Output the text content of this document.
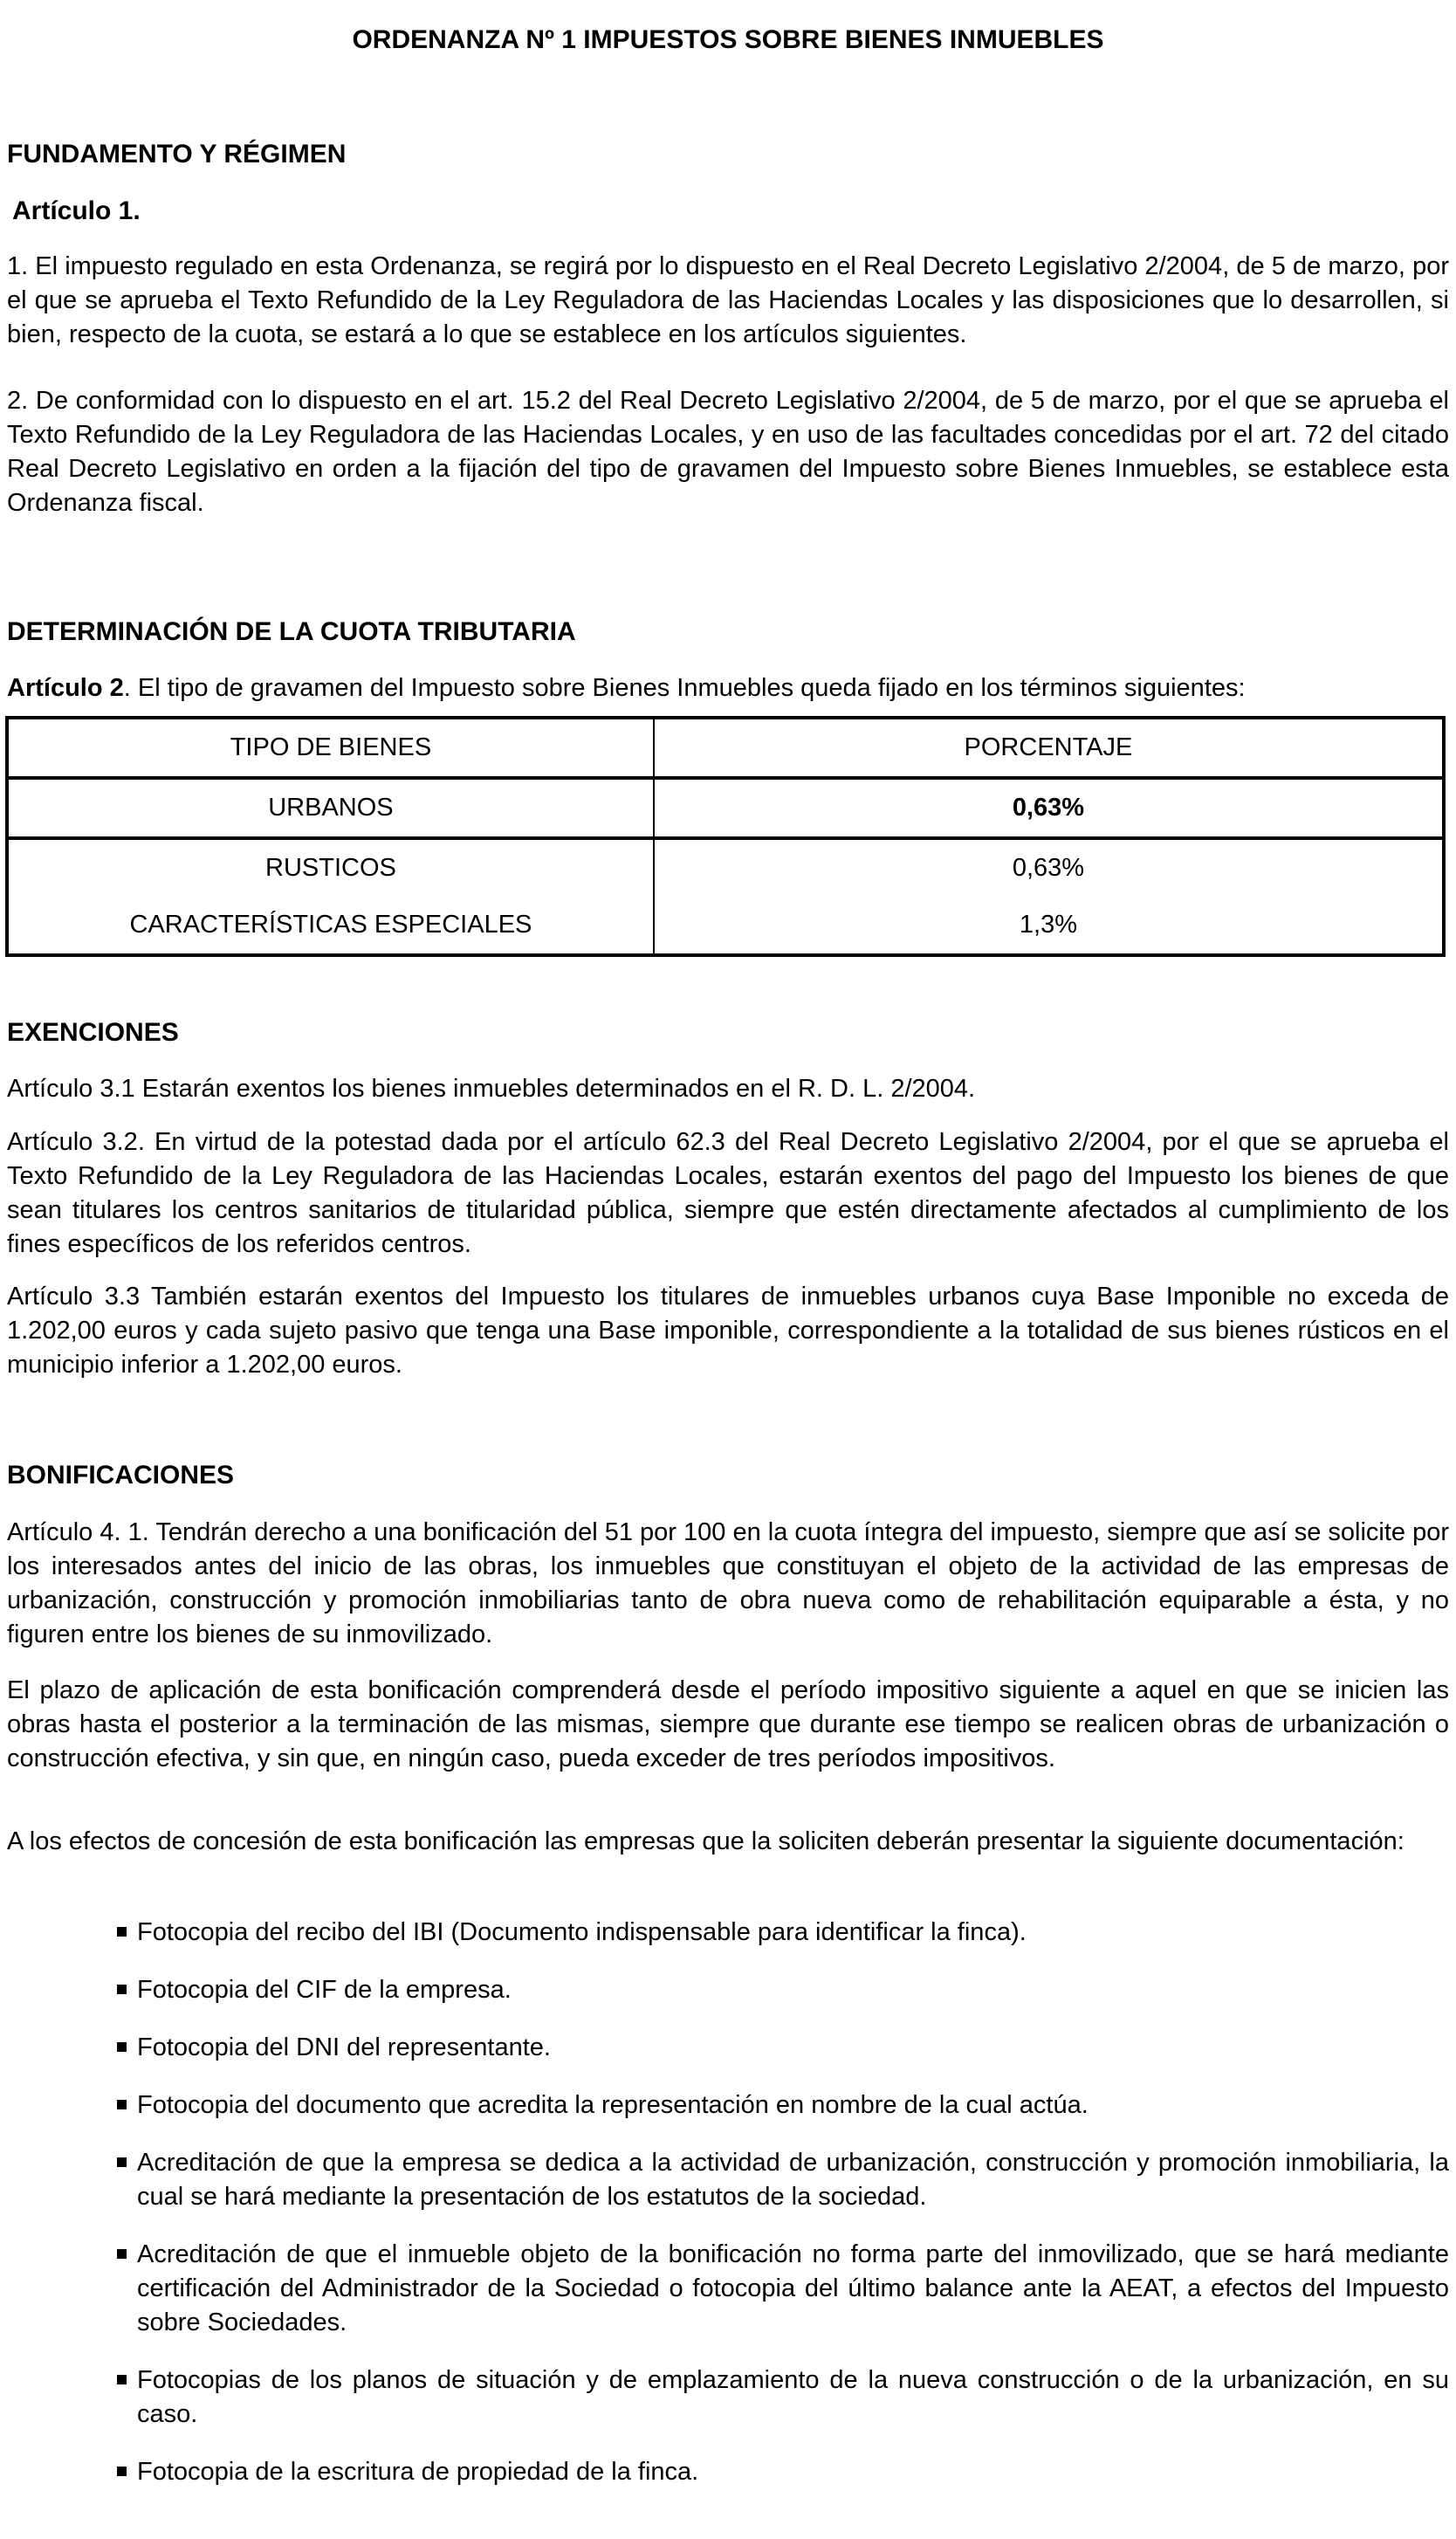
ORDENANZA Nº 1 IMPUESTOS SOBRE BIENES INMUEBLES
FUNDAMENTO Y RÉGIMEN
Artículo 1.

1. El impuesto regulado en esta Ordenanza, se regirá por lo dispuesto en el Real Decreto Legislativo 2/2004, de 5 de marzo, por el que se aprueba el Texto Refundido de la Ley Reguladora de las Haciendas Locales y las disposiciones que lo desarrollen, si bien, respecto de la cuota, se estará a lo que se establece en los artículos siguientes.

2. De conformidad con lo dispuesto en el art. 15.2 del Real Decreto Legislativo 2/2004, de 5 de marzo, por el que se aprueba el Texto Refundido de la Ley Reguladora de las Haciendas Locales, y en uso de las facultades concedidas por el art. 72 del citado Real Decreto Legislativo en orden a la fijación del tipo de gravamen del Impuesto sobre Bienes Inmuebles, se establece esta Ordenanza fiscal.

DETERMINACIÓN DE LA CUOTA TRIBUTARIA

Artículo 2. El tipo de gravamen del Impuesto sobre Bienes Inmuebles queda fijado en los términos siguientes:

TIPO DE BIENES	PORCENTAJE
URBANOS	0,63%
RUSTICOS	0,63%
CARACTERÍSTICAS ESPECIALES	1,3%
EXENCIONES

Artículo 3.1 Estarán exentos los bienes inmuebles determinados en el R. D. L. 2/2004.

Artículo 3.2. En virtud de la potestad dada por el artículo 62.3 del Real Decreto Legislativo 2/2004, por el que se aprueba el Texto Refundido de la Ley Reguladora de las Haciendas Locales, estarán exentos del pago del Impuesto los bienes de que sean titulares los centros sanitarios de titularidad pública, siempre que estén directamente afectados al cumplimiento de los fines específicos de los referidos centros.

Artículo 3.3 También estarán exentos del Impuesto los titulares de inmuebles urbanos cuya Base Imponible no exceda de 1.202,00 euros y cada sujeto pasivo que tenga una Base imponible, correspondiente a la totalidad de sus bienes rústicos en el municipio inferior a 1.202,00 euros.

BONIFICACIONES

Artículo 4. 1. Tendrán derecho a una bonificación del 51 por 100 en la cuota íntegra del impuesto, siempre que así se solicite por los interesados antes del inicio de las obras, los inmuebles que constituyan el objeto de la actividad de las empresas de urbanización, construcción y promoción inmobiliarias tanto de obra nueva como de rehabilitación equiparable a ésta, y no figuren entre los bienes de su inmovilizado.

El plazo de aplicación de esta bonificación comprenderá desde el período impositivo siguiente a aquel en que se inicien las obras hasta el posterior a la terminación de las mismas, siempre que durante ese tiempo se realicen obras de urbanización o construcción efectiva, y sin que, en ningún caso, pueda exceder de tres períodos impositivos.

A los efectos de concesión de esta bonificación las empresas que la soliciten deberán presentar la siguiente documentación:

Fotocopia del recibo del IBI (Documento indispensable para identificar la finca).
Fotocopia del CIF de la empresa.
Fotocopia del DNI del representante.
Fotocopia del documento que acredita la representación en nombre de la cual actúa.
Acreditación de que la empresa se dedica a la actividad de urbanización, construcción y promoción inmobiliaria, la cual se hará mediante la presentación de los estatutos de la sociedad.
Acreditación de que el inmueble objeto de la bonificación no forma parte del inmovilizado, que se hará mediante certificación del Administrador de la Sociedad o fotocopia del último balance ante la AEAT, a efectos del Impuesto sobre Sociedades.
Fotocopias de los planos de situación y de emplazamiento de la nueva construcción o de la urbanización, en su caso.
Fotocopia de la escritura de propiedad de la finca.
